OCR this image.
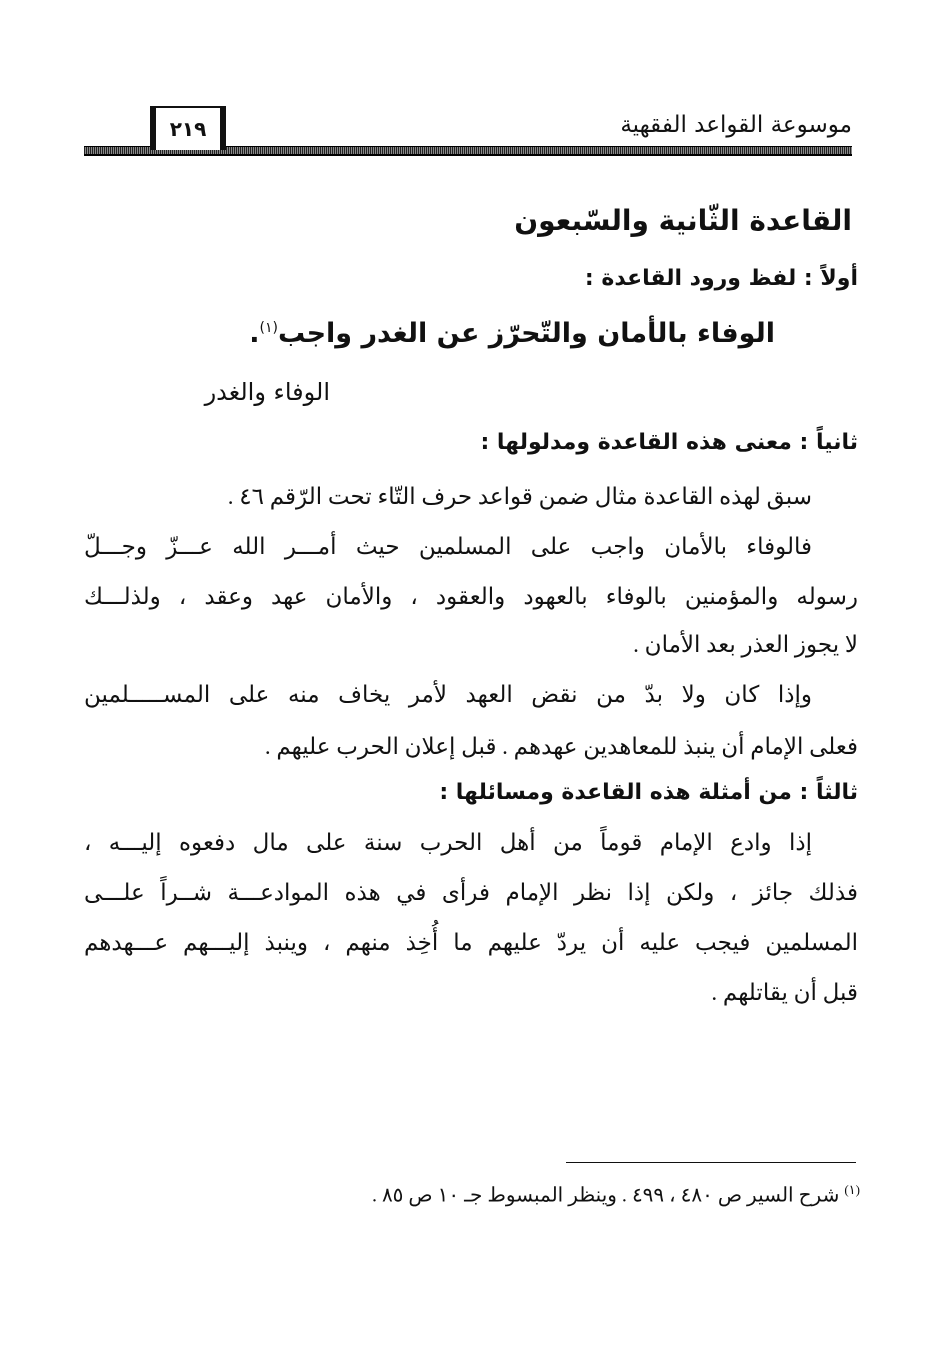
٢١٩	موسوعة القواعد الفقهية
القاعدة الثّانية والسّبعون
أولاً : لفظ ورود القاعدة :
الوفاء بالأمان والتّحرّز عن الغدر واجب$^{(١)}$.
الوفاء والغدر
ثانياً : معنى هذه القاعدة ومدلولها :
سبق لهذه القاعدة مثال ضمن قواعد حرف التّاء تحت الرّقم ٤٦ .
فالوفاء بالأمان واجب على المسلمين حيث أمـــر الله عـــزّ وجـــلّ
رسوله والمؤمنين بالوفاء بالعهود والعقود ، والأمان عهد وعقد ، ولذلـــك
لا يجوز العذر بعد الأمان .
وإذا كان ولا بدّ من نقض العهد لأمر يخاف منه على المســـــلمين
فعلى الإمام أن ينبذ للمعاهدين عهدهم . قبل إعلان الحرب عليهم .
ثالثاً : من أمثلة هذه القاعدة ومسائلها :
إذا وادع الإمام قوماً من أهل الحرب سنة على مال دفعوه إليـــه ،
فذلك جائز ، ولكن إذا نظر الإمام فرأى في هذه الموادعـــة شــراً علـــى
المسلمين فيجب عليه أن يردّ عليهم ما أُخِذ منهم ، وينبذ إليـــهم عـــهدهم
قبل أن يقاتلهم .
$^{(١)}$ شرح السير ص ٤٨٠ ، ٤٩٩ . وينظر المبسوط جـ ١٠ ص ٨٥ .
